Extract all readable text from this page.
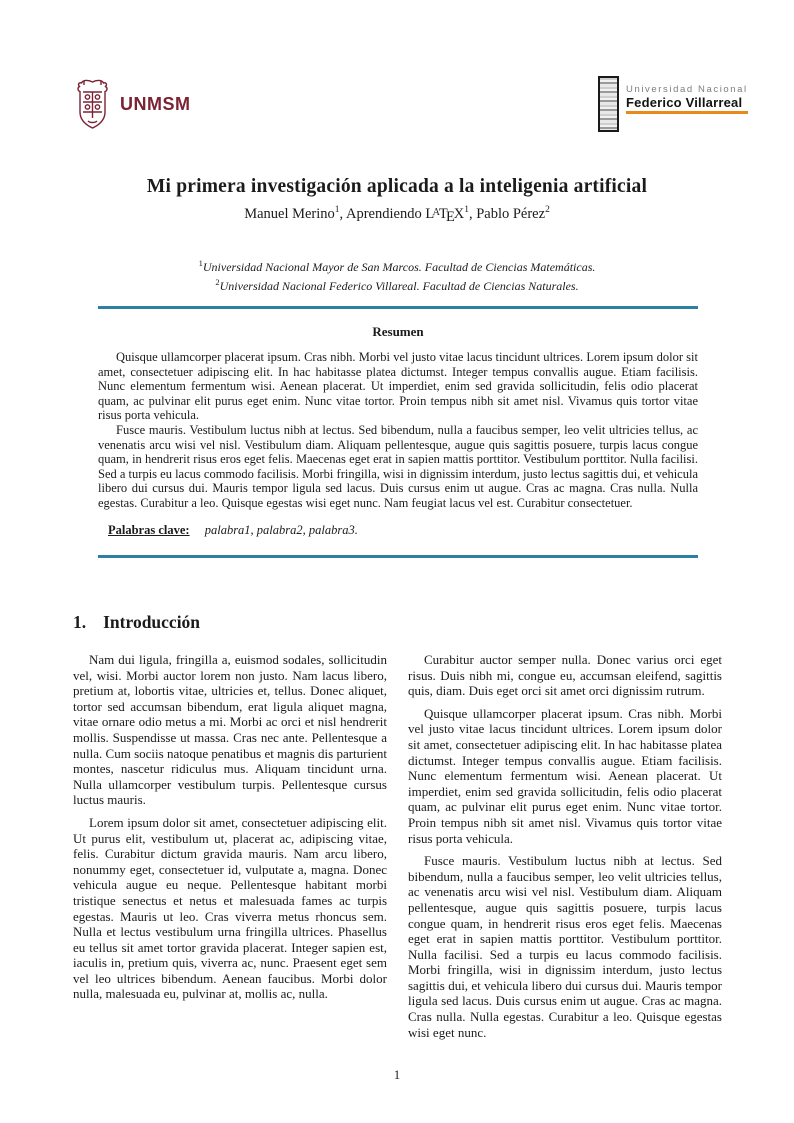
UNMSM
Universidad Nacional
Federico Villarreal
Mi primera investigación aplicada a la inteligenia artificial
Manuel Merino$^1$, Aprendiendo LATEX$^1$, Pablo Pérez$^2$
$^1$Universidad Nacional Mayor de San Marcos. Facultad de Ciencias Matemáticas.
$^2$Universidad Nacional Federico Villareal. Facultad de Ciencias Naturales.
Resumen

Quisque ullamcorper placerat ipsum. Cras nibh. Morbi vel justo vitae lacus tincidunt ultrices. Lorem ipsum dolor sit amet, consectetuer adipiscing elit. In hac habitasse platea dictumst. Integer tempus convallis augue. Etiam facilisis. Nunc elementum fermentum wisi. Aenean placerat. Ut imperdiet, enim sed gravida sollicitudin, felis odio placerat quam, ac pulvinar elit purus eget enim. Nunc vitae tortor. Proin tempus nibh sit amet nisl. Vivamus quis tortor vitae risus porta vehicula.

Fusce mauris. Vestibulum luctus nibh at lectus. Sed bibendum, nulla a faucibus semper, leo velit ultricies tellus, ac venenatis arcu wisi vel nisl. Vestibulum diam. Aliquam pellentesque, augue quis sagittis posuere, turpis lacus congue quam, in hendrerit risus eros eget felis. Maecenas eget erat in sapien mattis porttitor. Vestibulum porttitor. Nulla facilisi. Sed a turpis eu lacus commodo facilisis. Morbi fringilla, wisi in dignissim interdum, justo lectus sagittis dui, et vehicula libero dui cursus dui. Mauris tempor ligula sed lacus. Duis cursus enim ut augue. Cras ac magna. Cras nulla. Nulla egestas. Curabitur a leo. Quisque egestas wisi eget nunc. Nam feugiat lacus vel est. Curabitur consectetuer.

Palabras clave: palabra1, palabra2, palabra3.
1. Introducción

Nam dui ligula, fringilla a, euismod sodales, sollicitudin vel, wisi. Morbi auctor lorem non justo. Nam lacus libero, pretium at, lobortis vitae, ultricies et, tellus. Donec aliquet, tortor sed accumsan bibendum, erat ligula aliquet magna, vitae ornare odio metus a mi. Morbi ac orci et nisl hendrerit mollis. Suspendisse ut massa. Cras nec ante. Pellentesque a nulla. Cum sociis natoque penatibus et magnis dis parturient montes, nascetur ridiculus mus. Aliquam tincidunt urna. Nulla ullamcorper vestibulum turpis. Pellentesque cursus luctus mauris.

Lorem ipsum dolor sit amet, consectetuer adipiscing elit. Ut purus elit, vestibulum ut, placerat ac, adipiscing vitae, felis. Curabitur dictum gravida mauris. Nam arcu libero, nonummy eget, consectetuer id, vulputate a, magna. Donec vehicula augue eu neque. Pellentesque habitant morbi tristique senectus et netus et malesuada fames ac turpis egestas. Mauris ut leo. Cras viverra metus rhoncus sem. Nulla et lectus vestibulum urna fringilla ultrices. Phasellus eu tellus sit amet tortor gravida placerat. Integer sapien est, iaculis in, pretium quis, viverra ac, nunc. Praesent eget sem vel leo ultrices bibendum. Aenean faucibus. Morbi dolor nulla, malesuada eu, pulvinar at, mollis ac, nulla.

Curabitur auctor semper nulla. Donec varius orci eget risus. Duis nibh mi, congue eu, accumsan eleifend, sagittis quis, diam. Duis eget orci sit amet orci dignissim rutrum.

Quisque ullamcorper placerat ipsum. Cras nibh. Morbi vel justo vitae lacus tincidunt ultrices. Lorem ipsum dolor sit amet, consectetuer adipiscing elit. In hac habitasse platea dictumst. Integer tempus convallis augue. Etiam facilisis. Nunc elementum fermentum wisi. Aenean placerat. Ut imperdiet, enim sed gravida sollicitudin, felis odio placerat quam, ac pulvinar elit purus eget enim. Nunc vitae tortor. Proin tempus nibh sit amet nisl. Vivamus quis tortor vitae risus porta vehicula.

Fusce mauris. Vestibulum luctus nibh at lectus. Sed bibendum, nulla a faucibus semper, leo velit ultricies tellus, ac venenatis arcu wisi vel nisl. Vestibulum diam. Aliquam pellentesque, augue quis sagittis posuere, turpis lacus congue quam, in hendrerit risus eros eget felis. Maecenas eget erat in sapien mattis porttitor. Vestibulum porttitor. Nulla facilisi. Sed a turpis eu lacus commodo facilisis. Morbi fringilla, wisi in dignissim interdum, justo lectus sagittis dui, et vehicula libero dui cursus dui. Mauris tempor ligula sed lacus. Duis cursus enim ut augue. Cras ac magna. Cras nulla. Nulla egestas. Curabitur a leo. Quisque egestas wisi eget nunc.

1
